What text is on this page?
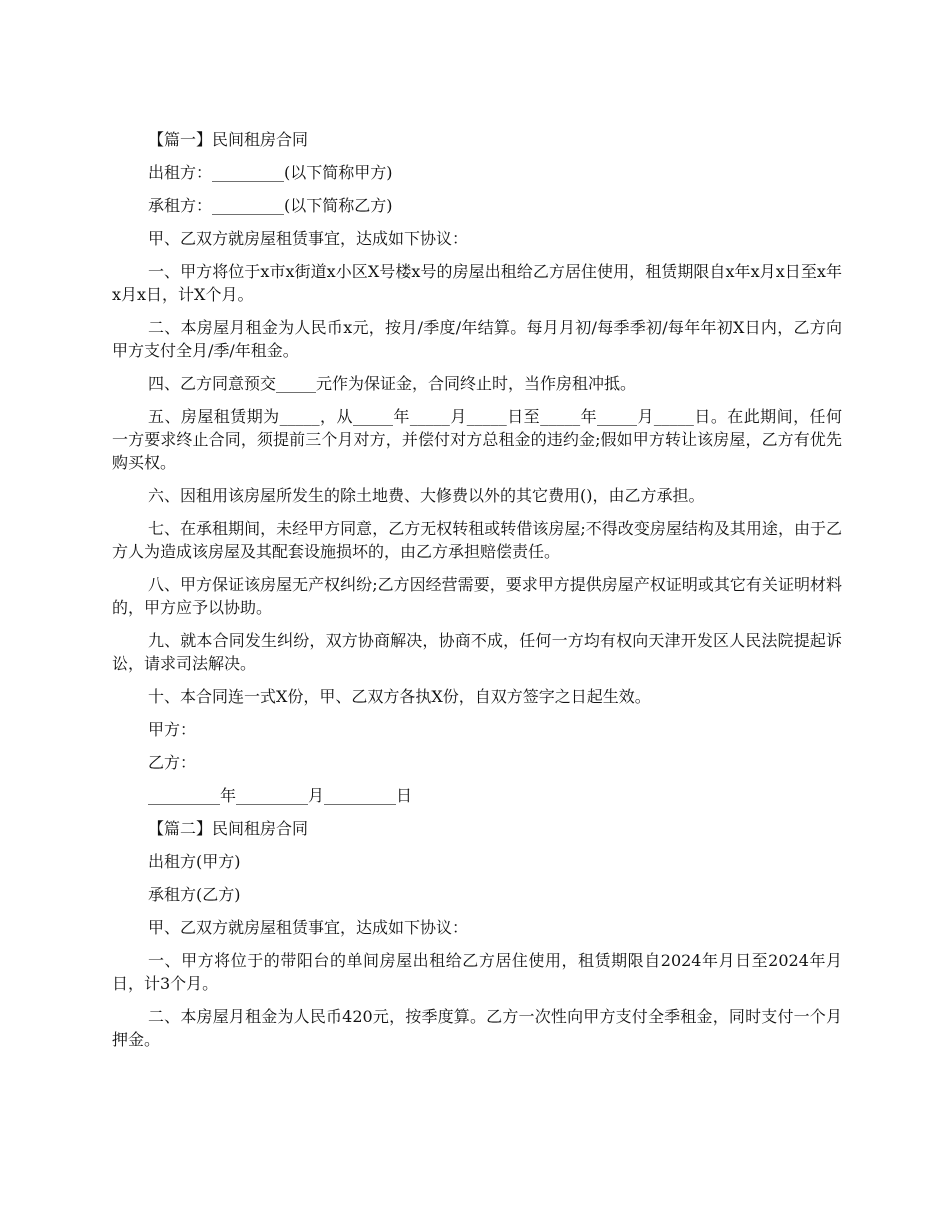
【篇一】民间租房合同

出租方：_________(以下简称甲方)

承租方：_________(以下简称乙方)

甲、乙双方就房屋租赁事宜，达成如下协议：

一、甲方将位于x市x街道x小区X号楼x号的房屋出租给乙方居住使用，租赁期限自x年x月x日至x年x月x日，计X个月。

二、本房屋月租金为人民币x元，按月/季度/年结算。每月月初/每季季初/每年年初X日内，乙方向甲方支付全月/季/年租金。

四、乙方同意预交_____元作为保证金，合同终止时，当作房租冲抵。

五、房屋租赁期为_____，从_____年_____月_____日至_____年_____月_____日。在此期间，任何一方要求终止合同，须提前三个月对方，并偿付对方总租金的违约金;假如甲方转让该房屋，乙方有优先购买权。

六、因租用该房屋所发生的除土地费、大修费以外的其它费用()，由乙方承担。

七、在承租期间，未经甲方同意，乙方无权转租或转借该房屋;不得改变房屋结构及其用途，由于乙方人为造成该房屋及其配套设施损坏的，由乙方承担赔偿责任。

八、甲方保证该房屋无产权纠纷;乙方因经营需要，要求甲方提供房屋产权证明或其它有关证明材料的，甲方应予以协助。

九、就本合同发生纠纷，双方协商解决，协商不成，任何一方均有权向天津开发区人民法院提起诉讼，请求司法解决。

十、本合同连一式X份，甲、乙双方各执X份，自双方签字之日起生效。

甲方：

乙方：

_________年_________月_________日

【篇二】民间租房合同

出租方(甲方)

承租方(乙方)

甲、乙双方就房屋租赁事宜，达成如下协议：

一、甲方将位于的带阳台的单间房屋出租给乙方居住使用，租赁期限自2024年月日至2024年月日，计3个月。

二、本房屋月租金为人民币420元，按季度算。乙方一次性向甲方支付全季租金，同时支付一个月押金。
